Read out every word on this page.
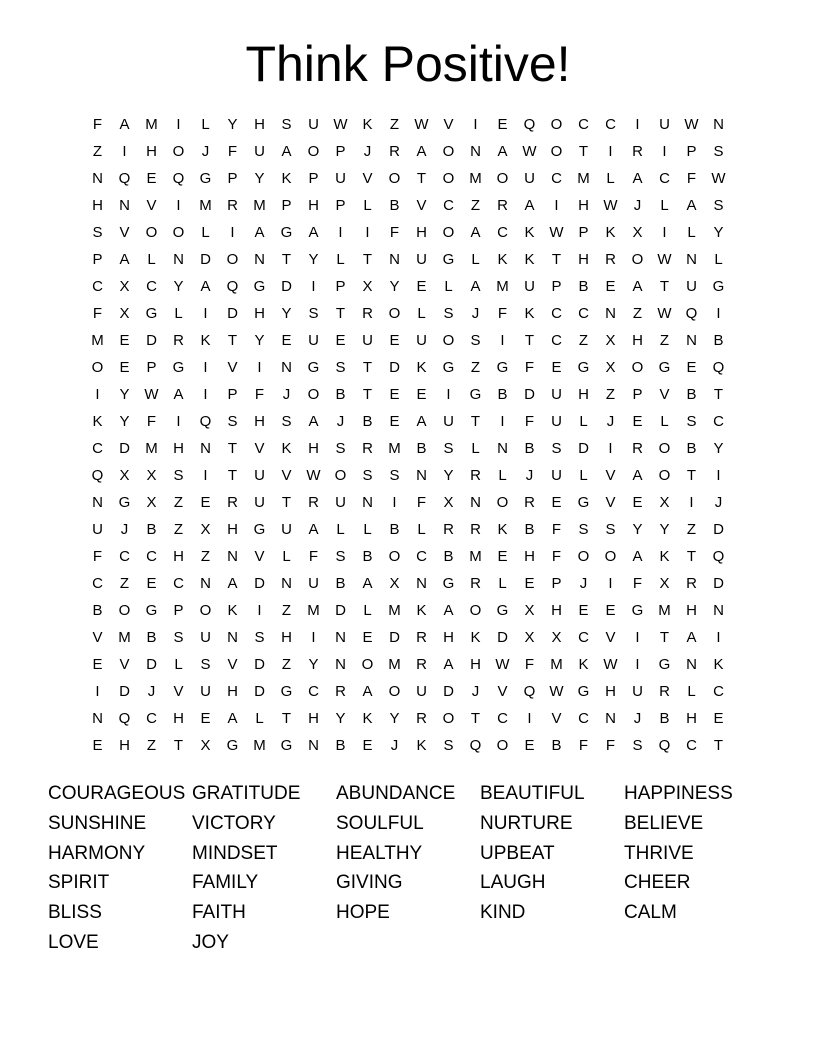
Think Positive!
F	A	M	I	L	Y	H	S	U W K	Z	W V	I	E	Q	O	C	C	I	U W N
Z	I	H	O	J	F	U	A	O	P	J	R	A	O	N	A W O	T	I	R	I	P	S
N	Q	E	Q	G	P	Y	K	P	U	V	O	T	O M O	U	C	M	L	A	C	F	W
H	N	V	I	M	R	M	P	H	P	L	B	V	C	Z	R	A	I	H W	J	L	A	S
S	V	O	O	L	I	A	G	A	I	I	F	H	O	A	C	K W P	K	X	I	L	Y
P	A	L	N	D	O	N	T	Y	L	T	N	U	G	L	K	K	T	H	R	O W N	L
C	X	C	Y	A	Q	G	D	I	P	X	Y	E	L	A	M	U	P	B	E	A	T	U	G
F	X	G	L	I	D	H	Y	S	T	R	O	L	S	J	F	K	C	C	N	Z	W Q	I
M	E	D	R	K	T	Y	E	U	E	U	E	U	O	S	I	T	C	Z	X	H	Z	N	B
O	E	P	G	I	V	I	N	G	S	T	D	K	G	Z	G	F	E	G	X	O	G	E	Q
I	Y W A	I	P	F	J	O	B	T	E	E	I	G	B	D	U	H	Z	P	V	B	T
K	Y	F	I	Q	S	H	S	A	J	B	E	A	U	T	I	F	U	L	J	E	L	S	C
C	D	M	H	N	T	V	K	H	S	R	M	B	S	L	N	B	S	D	I	R	O	B	Y
Q	X	X	S	I	T	U	V W O	S	S	N	Y	R	L	J	U	L	V	A	O	T	I
N	G	X	Z	E	R	U	T	R	U	N	I	F	X	N	O	R	E	G	V	E	X	I	J
U	J	B	Z	X	H	G	U	A	L	L	B	L	R	R	K	B	F	S	S	Y	Y	Z	D
F	C	C	H	Z	N	V	L	F	S	B	O	C	B	M	E	H	F	O	O	A	K	T	Q
C	Z	E	C	N	A	D	N	U	B	A	X	N	G	R	L	E	P	J	I	F	X	R	D
B	O	G	P	O	K	I	Z	M	D	L	M	K	A	O	G	X	H	E	E	G M	H	N
V	M	B	S	U	N	S	H	I	N	E	D	R	H	K	D	X	X	C	V	I	T	A	I
E	V	D	L	S	V	D	Z	Y	N	O M	R	A	H W	F	M	K W	I	G	N	K
I	D	J	V	U	H	D	G	C	R	A	O	U	D	J	V	Q W G	H	U	R	L	C
N	Q	C	H	E	A	L	T	H	Y	K	Y	R	O	T	C	I	V	C	N	J	B	H	E
E	H	Z	T	X	G M G	N	B	E	J	K	S	Q	O	E	B	F	F	S	Q	C	T
COURAGEOUS GRATITUDE	ABUNDANCE	BEAUTIFUL	HAPPINESS
SUNSHINE	VICTORY	SOULFUL	NURTURE	BELIEVE
HARMONY	MINDSET	HEALTHY	UPBEAT	THRIVE
SPIRIT	FAMILY	GIVING	LAUGH	CHEER
BLISS	FAITH	HOPE	KIND	CALM
LOVE	JOY
